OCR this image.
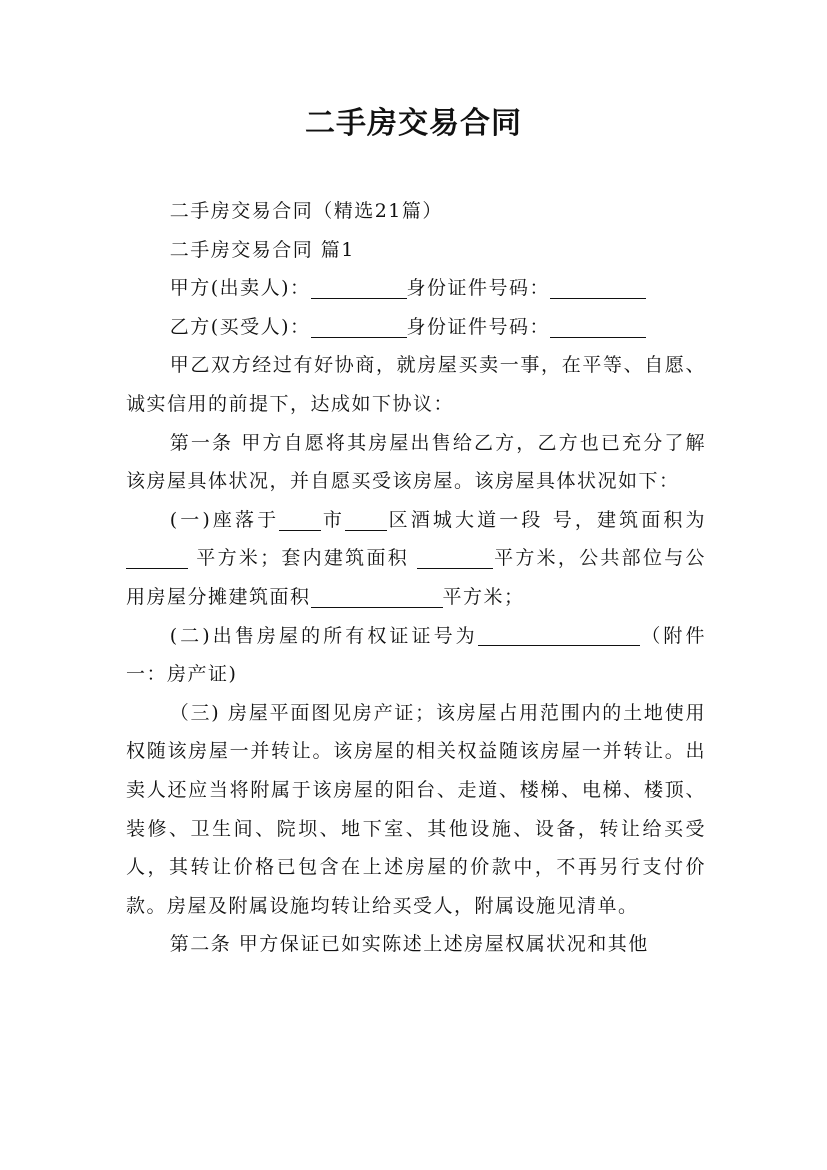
二手房交易合同

二手房交易合同（精选21篇）

二手房交易合同 篇1

甲方(出卖人)：	身份证件号码：

乙方(买受人)：	身份证件号码：

甲乙双方经过有好协商，就房屋买卖一事，在平等、自愿、诚实信用的前提下，达成如下协议：

第一条 甲方自愿将其房屋出售给乙方，乙方也已充分了解该房屋具体状况，并自愿买受该房屋。该房屋具体状况如下：

(一)座落于 市 区酒城大道一段 号，建筑面积为 平方米；套内建筑面积	平方米，公共部位与公用房屋分摊建筑面积	平方米；

(二)出售房屋的所有权证证号为	（附件一：房产证)

（三) 房屋平面图见房产证；该房屋占用范围内的土地使用权随该房屋一并转让。该房屋的相关权益随该房屋一并转让。出卖人还应当将附属于该房屋的阳台、走道、楼梯、电梯、楼顶、装修、卫生间、院坝、地下室、其他设施、设备，转让给买受人，其转让价格已包含在上述房屋的价款中，不再另行支付价款。房屋及附属设施均转让给买受人，附属设施见清单。

第二条 甲方保证已如实陈述上述房屋权属状况和其他
